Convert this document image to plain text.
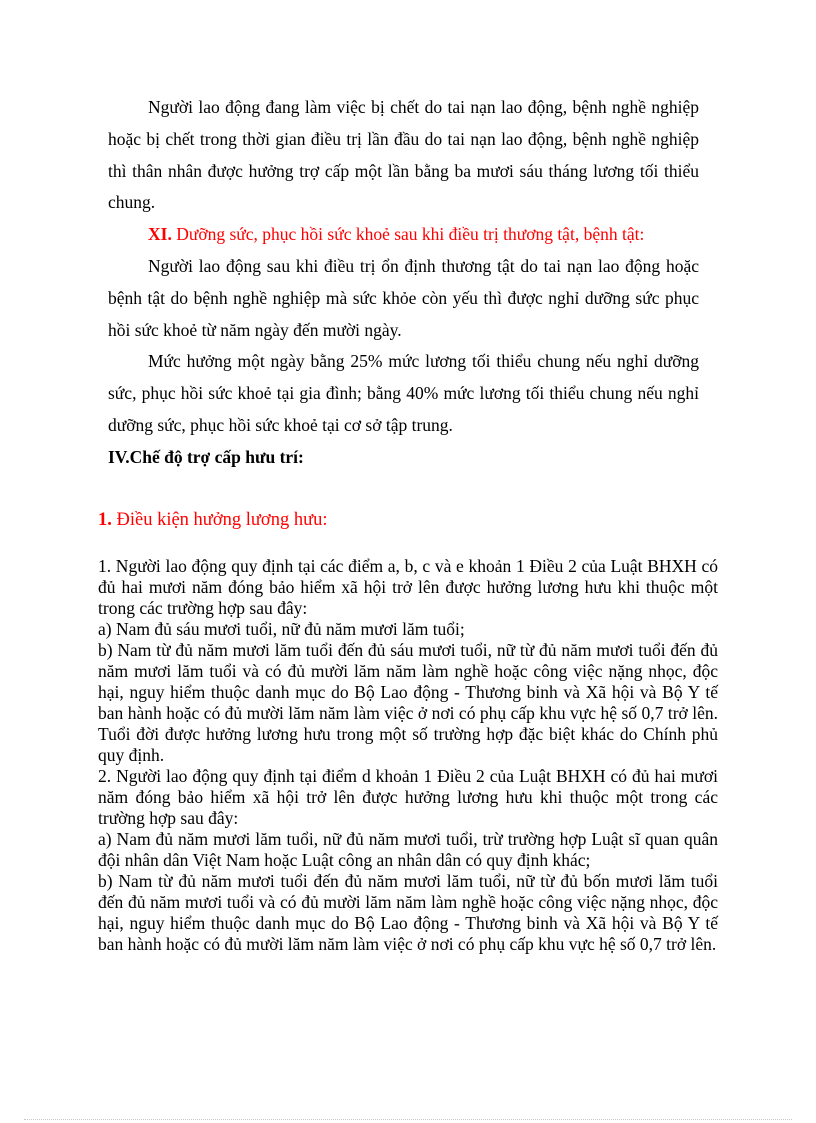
Người lao động đang làm việc bị chết do tai nạn lao động, bệnh nghề nghiệp hoặc bị chết trong thời gian điều trị lần đầu do tai nạn lao động, bệnh nghề nghiệp thì thân nhân được hưởng trợ cấp một lần bằng ba mươi sáu tháng lương tối thiểu chung.

XI. Dưỡng sức, phục hồi sức khoẻ sau khi điều trị thương tật, bệnh tật:

Người lao động sau khi điều trị ổn định thương tật do tai nạn lao động hoặc bệnh tật do bệnh nghề nghiệp mà sức khỏe còn yếu thì được nghỉ dưỡng sức phục hồi sức khoẻ từ năm ngày đến mười ngày.

Mức hưởng một ngày bằng 25% mức lương tối thiểu chung nếu nghỉ dưỡng sức, phục hồi sức khoẻ tại gia đình; bằng 40% mức lương tối thiểu chung nếu nghỉ dưỡng sức, phục hồi sức khoẻ tại cơ sở tập trung.

IV.Chế độ trợ cấp hưu trí:

1. Điều kiện hưởng lương hưu:

1. Người lao động quy định tại các điểm a, b, c và e khoản 1 Điều 2 của Luật BHXH có đủ hai mươi năm đóng bảo hiểm xã hội trở lên được hưởng lương hưu khi thuộc một trong các trường hợp sau đây:

a) Nam đủ sáu mươi tuổi, nữ đủ năm mươi lăm tuổi;

b) Nam từ đủ năm mươi lăm tuổi đến đủ sáu mươi tuổi, nữ từ đủ năm mươi tuổi đến đủ năm mươi lăm tuổi và có đủ mười lăm năm làm nghề hoặc công việc nặng nhọc, độc hại, nguy hiểm thuộc danh mục do Bộ Lao động - Thương binh và Xã hội và Bộ Y tế ban hành hoặc có đủ mười lăm năm làm việc ở nơi có phụ cấp khu vực hệ số 0,7 trở lên. Tuổi đời được hưởng lương hưu trong một số trường hợp đặc biệt khác do Chính phủ quy định.

2. Người lao động quy định tại điểm d khoản 1 Điều 2 của Luật BHXH có đủ hai mươi năm đóng bảo hiểm xã hội trở lên được hưởng lương hưu khi thuộc một trong các trường hợp sau đây:

a) Nam đủ năm mươi lăm tuổi, nữ đủ năm mươi tuổi, trừ trường hợp Luật sĩ quan quân đội nhân dân Việt Nam hoặc Luật công an nhân dân có quy định khác;

b) Nam từ đủ năm mươi tuổi đến đủ năm mươi lăm tuổi, nữ từ đủ bốn mươi lăm tuổi đến đủ năm mươi tuổi và có đủ mười lăm năm làm nghề hoặc công việc nặng nhọc, độc hại, nguy hiểm thuộc danh mục do Bộ Lao động - Thương binh và Xã hội và Bộ Y tế ban hành hoặc có đủ mười lăm năm làm việc ở nơi có phụ cấp khu vực hệ số 0,7 trở lên.
